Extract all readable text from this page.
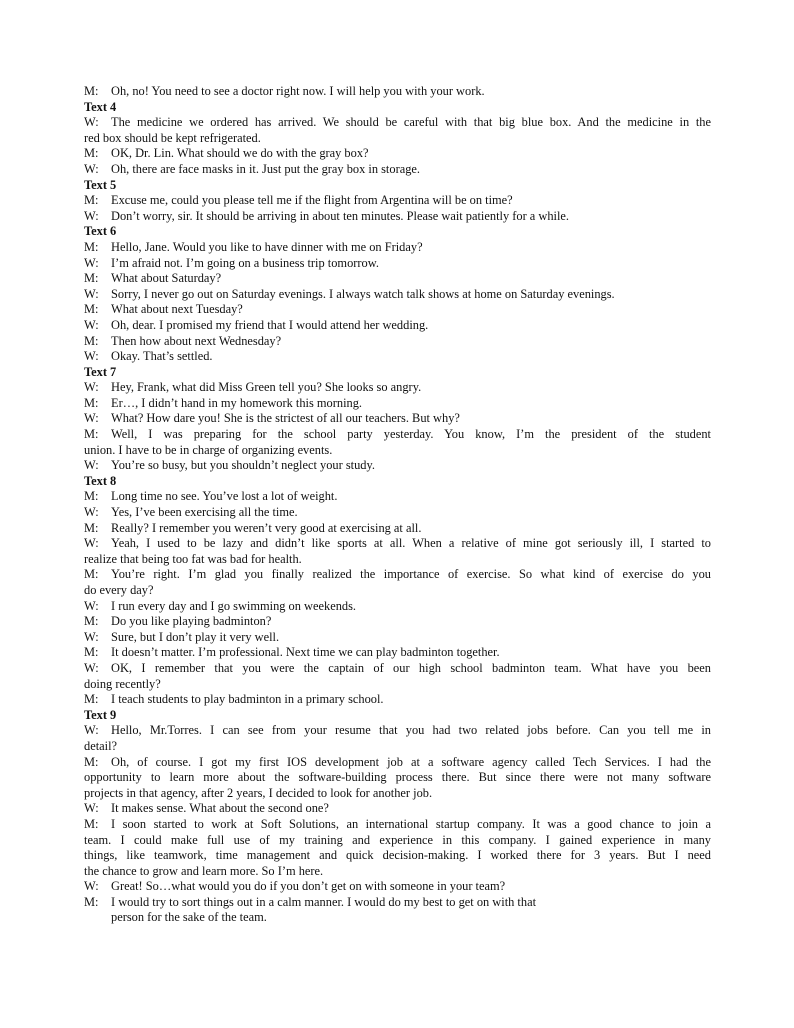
M:	Oh, no! You need to see a doctor right now. I will help you with your work.
Text 4
W: The medicine we ordered has arrived. We should be careful with that big blue box. And the medicine in the
red box should be kept refrigerated.
M:	OK, Dr. Lin. What should we do with the gray box?
W: Oh, there are face masks in it. Just put the gray box in storage.
Text 5
M:	Excuse me, could you please tell me if the flight from Argentina will be on time?
W: Don’t worry, sir. It should be arriving in about ten minutes. Please wait patiently for a while.
Text 6
M:	Hello, Jane. Would you like to have dinner with me on Friday?
W: I’m afraid not. I’m going on a business trip tomorrow.
M:	What about Saturday?
W: Sorry, I never go out on Saturday evenings. I always watch talk shows at home on Saturday evenings.
M:	What about next Tuesday?
W: Oh, dear. I promised my friend that I would attend her wedding.
M:	Then how about next Wednesday?
W: Okay. That’s settled.
Text 7
W: Hey, Frank, what did Miss Green tell you? She looks so angry.
M:	Er…, I didn’t hand in my homework this morning.
W: What? How dare you! She is the strictest of all our teachers. But why?
M:	Well, I was preparing for the school party yesterday. You know, I’m the president of the student
union. I have to be in charge of organizing events.
W: You’re so busy, but you shouldn’t neglect your study.
Text 8
M:	Long time no see. You’ve lost a lot of weight.
W: Yes, I’ve been exercising all the time.
M:	Really? I remember you weren’t very good at exercising at all.
W: Yeah, I used to be lazy and didn’t like sports at all. When a relative of mine got seriously ill, I started to
realize that being too fat was bad for health.
M:	You’re right. I’m glad you finally realized the importance of exercise. So what kind of exercise do you
do every day?
W: I run every day and I go swimming on weekends.
M:	Do you like playing badminton?
W: Sure, but I don’t play it very well.
M:	It doesn’t matter. I’m professional. Next time we can play badminton together.
W: OK, I remember that you were the captain of our high school badminton team. What have you been
doing recently?
M:	I teach students to play badminton in a primary school.
Text 9
W: Hello, Mr.Torres. I can see from your resume that you had two related jobs before. Can you tell me in
detail?
M:	Oh, of course. I got my first IOS development job at a software agency called Tech Services. I had the
opportunity to learn more about the software-building process there. But since there were not many software
projects in that agency, after 2 years, I decided to look for another job.
W: It makes sense. What about the second one?
M:	I soon started to work at Soft Solutions, an international startup company. It was a good chance to join a
team. I could make full use of my training and experience in this company. I gained experience in many
things, like teamwork, time management and quick decision-making. I worked there for 3 years. But I need
the chance to grow and learn more. So I’m here.
W: Great! So…what would you do if you don’t get on with someone in your team?
M:	I would try to sort things out in a calm manner. I would do my best to get on with that
person for the sake of the team.
